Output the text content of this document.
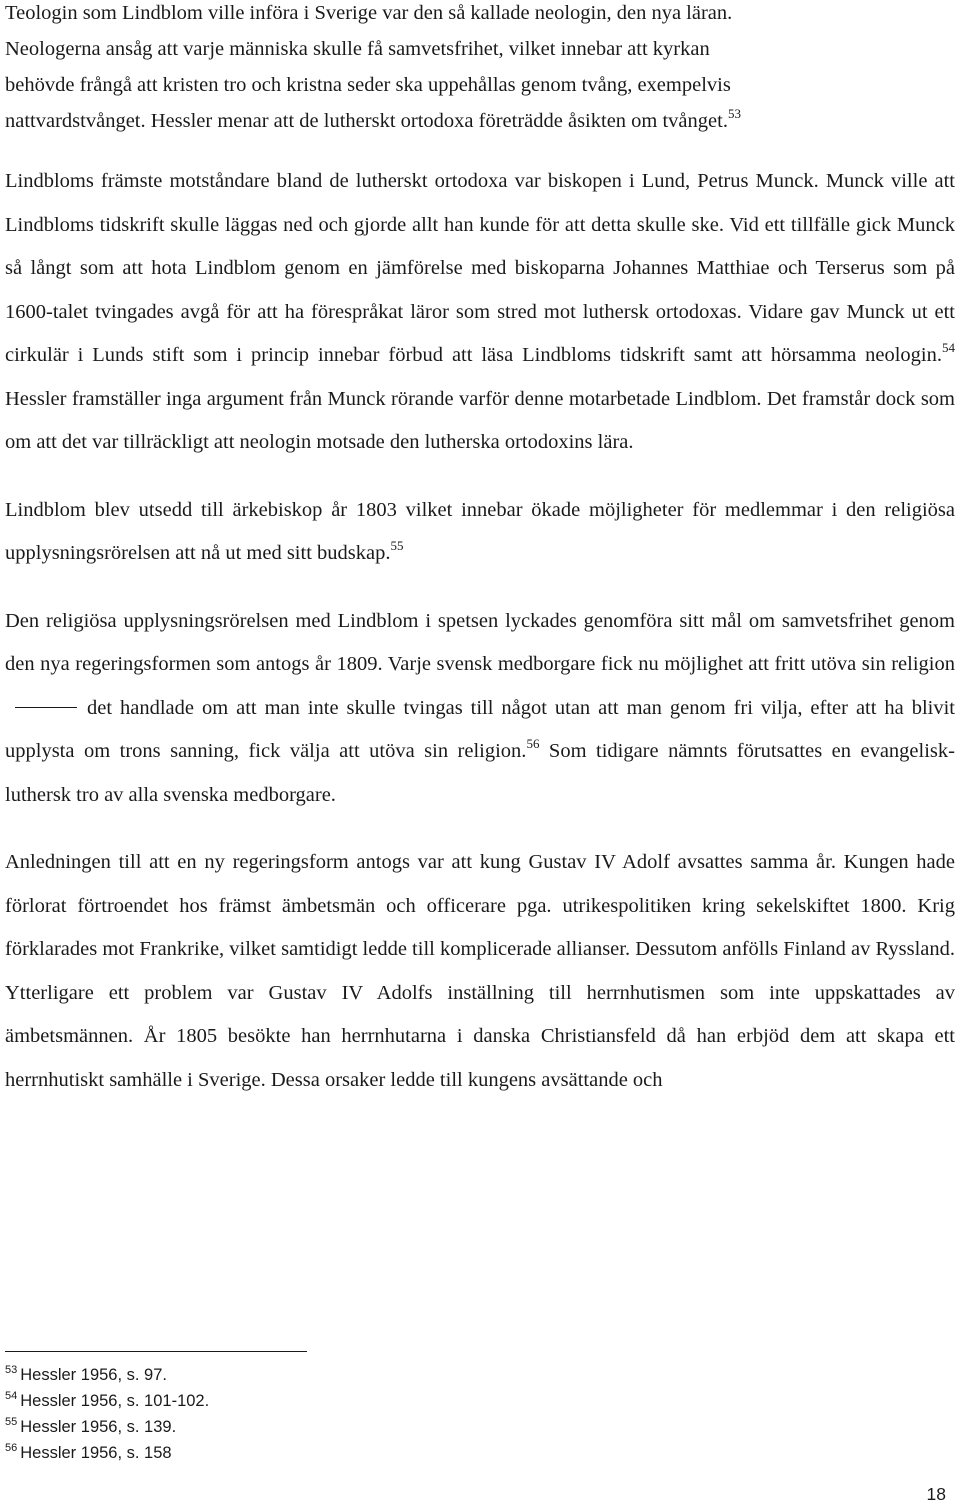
Teologin som Lindblom ville införa i Sverige var den så kallade neologin, den nya läran.
Neologerna ansåg att varje människa skulle få samvetsfrihet, vilket innebar att kyrkan
behövde frångå att kristen tro och kristna seder ska uppehållas genom tvång, exempelvis
nattvardstvånget. Hessler menar att de lutherskt ortodoxa företrädde åsikten om tvånget.$^{53}$

Lindbloms främste motståndare bland de lutherskt ortodoxa var biskopen i Lund, Petrus Munck. Munck ville att Lindbloms tidskrift skulle läggas ned och gjorde allt han kunde för att detta skulle ske. Vid ett tillfälle gick Munck så långt som att hota Lindblom genom en jämförelse med biskoparna Johannes Matthiae och Terserus som på 1600-talet tvingades avgå för att ha förespråkat läror som stred mot luthersk ortodoxas. Vidare gav Munck ut ett cirkulär i Lunds stift som i princip innebar förbud att läsa Lindbloms tidskrift samt att hörsamma neologin.$^{54}$ Hessler framställer inga argument från Munck rörande varför denne motarbetade Lindblom. Det framstår dock som om att det var tillräckligt att neologin motsade den lutherska ortodoxins lära.

Lindblom blev utsedd till ärkebiskop år 1803 vilket innebar ökade möjligheter för medlemmar i den religiösa upplysningsrörelsen att nå ut med sitt budskap.$^{55}$

Den religiösa upplysningsrörelsen med Lindblom i spetsen lyckades genomföra sitt mål om samvetsfrihet genom den nya regeringsformen som antogs år 1809. Varje svensk medborgare fick nu möjlighet att fritt utöva sin religiondet handlade om att man inte skulle tvingas till något utan att man genom fri vilja, efter att ha blivit upplysta om trons sanning, fick välja att utöva sin religion.$^{56}$ Som tidigare nämnts förutsattes en evangelisk-luthersk tro av alla svenska medborgare.

Anledningen till att en ny regeringsform antogs var att kung Gustav IV Adolf avsattes samma år. Kungen hade förlorat förtroendet hos främst ämbetsmän och officerare pga. utrikespolitiken kring sekelskiftet 1800. Krig förklarades mot Frankrike, vilket samtidigt ledde till komplicerade allianser. Dessutom anfölls Finland av Ryssland. Ytterligare ett problem var Gustav IV Adolfs inställning till herrnhutismen som inte uppskattades av ämbetsmännen. År 1805 besökte han herrnhutarna i danska Christiansfeld då han erbjöd dem att skapa ett herrnhutiskt samhälle i Sverige. Dessa orsaker ledde till kungens avsättande och

$^{53}$ Hessler 1956, s. 97.
$^{54}$ Hessler 1956, s. 101-102.
$^{55}$ Hessler 1956, s. 139.
$^{56}$ Hessler 1956, s. 158
18
